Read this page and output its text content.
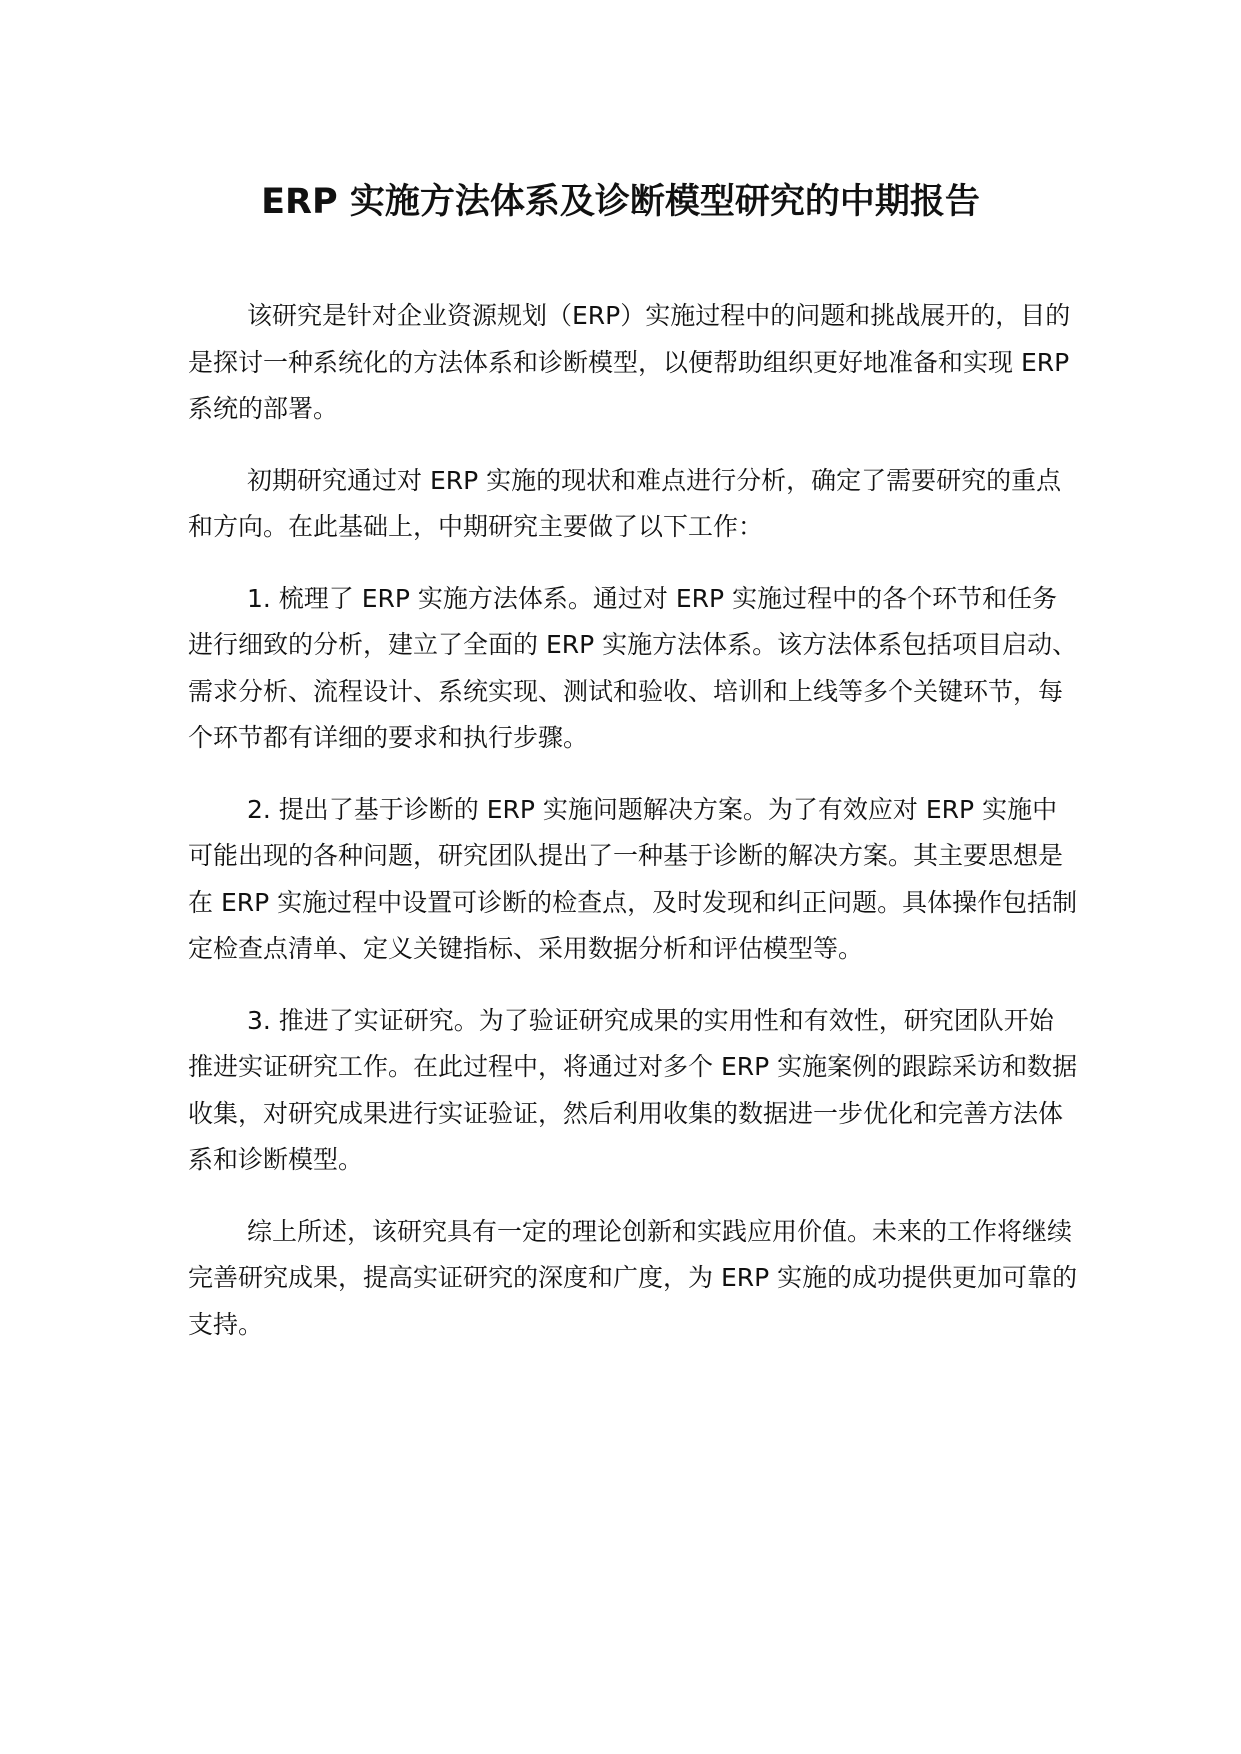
ERP 实施方法体系及诊断模型研究的中期报告

该研究是针对企业资源规划（ERP）实施过程中的问题和挑战展开的，目的是探讨一种系统化的方法体系和诊断模型，以便帮助组织更好地准备和实现 ERP 系统的部署。

初期研究通过对 ERP 实施的现状和难点进行分析，确定了需要研究的重点和方向。在此基础上，中期研究主要做了以下工作：

1. 梳理了 ERP 实施方法体系。通过对 ERP 实施过程中的各个环节和任务进行细致的分析，建立了全面的 ERP 实施方法体系。该方法体系包括项目启动、需求分析、流程设计、系统实现、测试和验收、培训和上线等多个关键环节，每个环节都有详细的要求和执行步骤。

2. 提出了基于诊断的 ERP 实施问题解决方案。为了有效应对 ERP 实施中可能出现的各种问题，研究团队提出了一种基于诊断的解决方案。其主要思想是在 ERP 实施过程中设置可诊断的检查点，及时发现和纠正问题。具体操作包括制定检查点清单、定义关键指标、采用数据分析和评估模型等。

3. 推进了实证研究。为了验证研究成果的实用性和有效性，研究团队开始推进实证研究工作。在此过程中，将通过对多个 ERP 实施案例的跟踪采访和数据收集，对研究成果进行实证验证，然后利用收集的数据进一步优化和完善方法体系和诊断模型。

综上所述，该研究具有一定的理论创新和实践应用价值。未来的工作将继续完善研究成果，提高实证研究的深度和广度，为 ERP 实施的成功提供更加可靠的支持。
